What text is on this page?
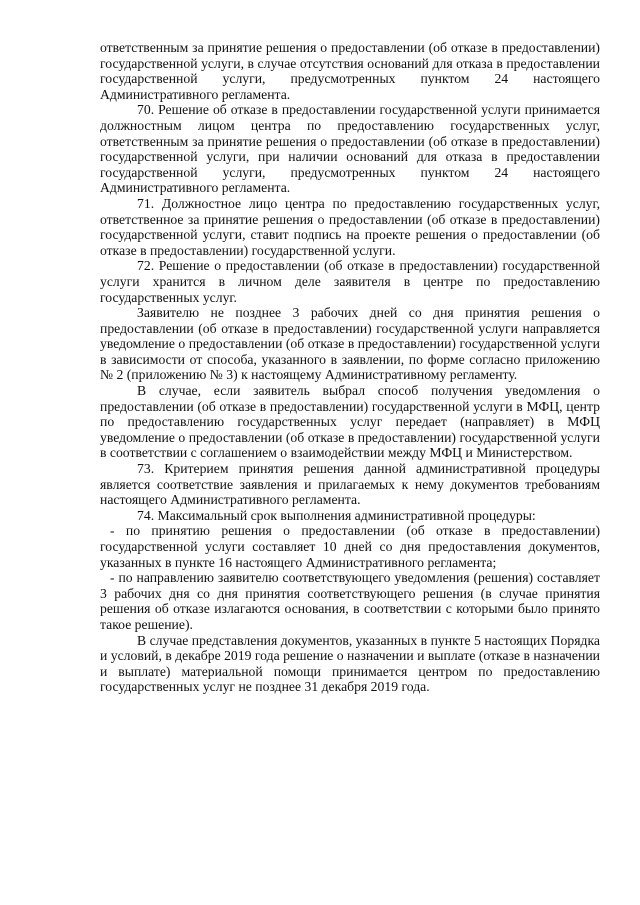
ответственным за принятие решения о предоставлении (об отказе в предоставлении) государственной услуги, в случае отсутствия оснований для отказа в предоставлении государственной услуги, предусмотренных пунктом 24 настоящего Административного регламента.

70. Решение об отказе в предоставлении государственной услуги принимается должностным лицом центра по предоставлению государственных услуг, ответственным за принятие решения о предоставлении (об отказе в предоставлении) государственной услуги, при наличии оснований для отказа в предоставлении государственной услуги, предусмотренных пунктом 24 настоящего Административного регламента.

71. Должностное лицо центра по предоставлению государственных услуг, ответственное за принятие решения о предоставлении (об отказе в предоставлении) государственной услуги, ставит подпись на проекте решения о предоставлении (об отказе в предоставлении) государственной услуги.

72. Решение о предоставлении (об отказе в предоставлении) государственной услуги хранится в личном деле заявителя в центре по предоставлению государственных услуг.

Заявителю не позднее 3 рабочих дней со дня принятия решения о предоставлении (об отказе в предоставлении) государственной услуги направляется уведомление о предоставлении (об отказе в предоставлении) государственной услуги в зависимости от способа, указанного в заявлении, по форме согласно приложению № 2 (приложению № 3) к настоящему Административному регламенту.

В случае, если заявитель выбрал способ получения уведомления о предоставлении (об отказе в предоставлении) государственной услуги в МФЦ, центр по предоставлению государственных услуг передает (направляет) в МФЦ уведомление о предоставлении (об отказе в предоставлении) государственной услуги в соответствии с соглашением о взаимодействии между МФЦ и Министерством.

73. Критерием принятия решения данной административной процедуры является соответствие заявления и прилагаемых к нему документов требованиям настоящего Административного регламента.

74. Максимальный срок выполнения административной процедуры:

- по принятию решения о предоставлении (об отказе в предоставлении) государственной услуги составляет 10 дней со дня предоставления документов, указанных в пункте 16 настоящего Административного регламента;

- по направлению заявителю соответствующего уведомления (решения) составляет 3 рабочих дня со дня принятия соответствующего решения (в случае принятия решения об отказе излагаются основания, в соответствии с которыми было принято такое решение).

В случае представления документов, указанных в пункте 5 настоящих Порядка и условий, в декабре 2019 года решение о назначении и выплате (отказе в назначении и выплате) материальной помощи принимается центром по предоставлению государственных услуг не позднее 31 декабря 2019 года.
